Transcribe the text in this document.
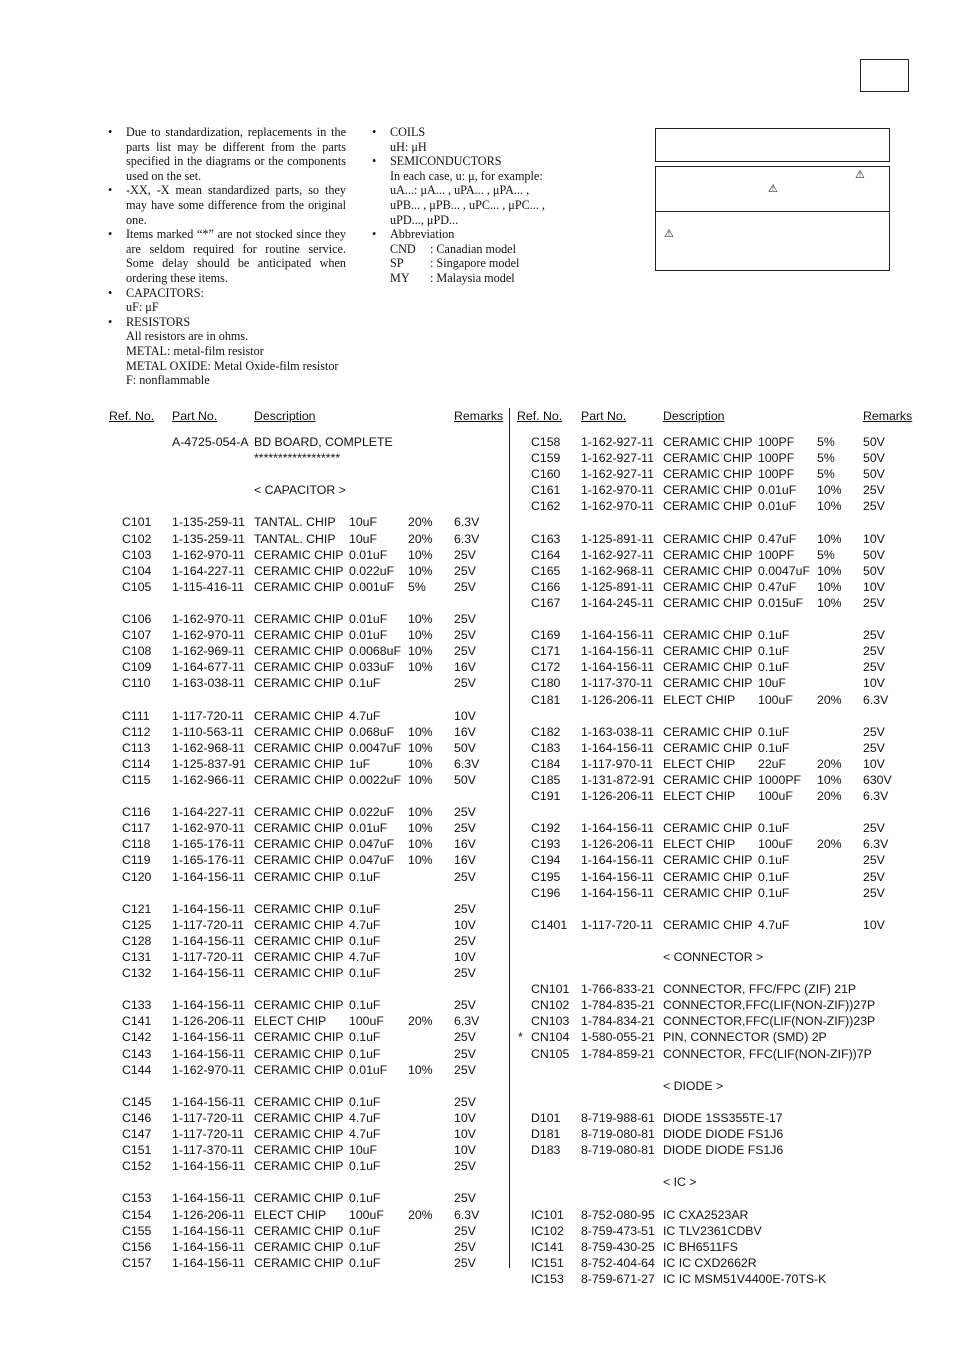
• Due to standardization, replacements in the parts list may be different from the parts specified in the diagrams or the components used on the set.
• -XX, -X mean standardized parts, so they may have some difference from the original one.
• Items marked “*” are not stocked since they are seldom required for routine service. Some delay should be anticipated when ordering these items.
• CAPACITORS:
uF: μF
• RESISTORS
All resistors are in ohms.
METAL: metal-film resistor
METAL OXIDE: Metal Oxide-film resistor
F: nonflammable
• COILS
uH: μH
• SEMICONDUCTORS
In each case, u: μ, for example:
uA...: μA... , uPA... , μPA... ,
uPB... , μPB... , uPC... , μPC... ,
uPD..., μPD...
• Abbreviation
CND	: Canadian model
SP	: Singapore model
MY	: Malaysia model
⚠
⚠
⚠
Ref. No. Part No.	Description	Remarks
A-4725-054-A BD BOARD, COMPLETE
******************
< CAPACITOR >
C101 1-135-259-11 TANTAL. CHIP 10uF	20% 6.3V
C102 1-135-259-11 TANTAL. CHIP 10uF	20% 6.3V
C103 1-162-970-11 CERAMIC CHIP 0.01uF 10% 25V
C104 1-164-227-11 CERAMIC CHIP 0.022uF 10% 25V
C105 1-115-416-11 CERAMIC CHIP 0.001uF 5% 25V
C106 1-162-970-11 CERAMIC CHIP 0.01uF 10% 25V
C107 1-162-970-11 CERAMIC CHIP 0.01uF 10% 25V
C108 1-162-969-11 CERAMIC CHIP 0.0068uF 10% 25V
C109 1-164-677-11 CERAMIC CHIP 0.033uF 10% 16V
C110 1-163-038-11 CERAMIC CHIP 0.1uF	25V
C111 1-117-720-11 CERAMIC CHIP 4.7uF	10V
C112 1-110-563-11 CERAMIC CHIP 0.068uF 10% 16V
C113 1-162-968-11 CERAMIC CHIP 0.0047uF 10% 50V
C114 1-125-837-91 CERAMIC CHIP 1uF	10% 6.3V
C115 1-162-966-11 CERAMIC CHIP 0.0022uF 10% 50V
C116 1-164-227-11 CERAMIC CHIP 0.022uF 10% 25V
C117 1-162-970-11 CERAMIC CHIP 0.01uF 10% 25V
C118 1-165-176-11 CERAMIC CHIP 0.047uF 10% 16V
C119 1-165-176-11 CERAMIC CHIP 0.047uF 10% 16V
C120 1-164-156-11 CERAMIC CHIP 0.1uF	25V
C121 1-164-156-11 CERAMIC CHIP 0.1uF	25V
C125 1-117-720-11 CERAMIC CHIP 4.7uF	10V
C128 1-164-156-11 CERAMIC CHIP 0.1uF	25V
C131 1-117-720-11 CERAMIC CHIP 4.7uF	10V
C132 1-164-156-11 CERAMIC CHIP 0.1uF	25V
C133 1-164-156-11 CERAMIC CHIP 0.1uF	25V
C141 1-126-206-11 ELECT CHIP 100uF 20% 6.3V
C142 1-164-156-11 CERAMIC CHIP 0.1uF	25V
C143 1-164-156-11 CERAMIC CHIP 0.1uF	25V
C144 1-162-970-11 CERAMIC CHIP 0.01uF 10% 25V
C145 1-164-156-11 CERAMIC CHIP 0.1uF	25V
C146 1-117-720-11 CERAMIC CHIP 4.7uF	10V
C147 1-117-720-11 CERAMIC CHIP 4.7uF	10V
C151 1-117-370-11 CERAMIC CHIP 10uF	10V
C152 1-164-156-11 CERAMIC CHIP 0.1uF	25V
C153 1-164-156-11 CERAMIC CHIP 0.1uF	25V
C154 1-126-206-11 ELECT CHIP 100uF 20% 6.3V
C155 1-164-156-11 CERAMIC CHIP 0.1uF	25V
C156 1-164-156-11 CERAMIC CHIP 0.1uF	25V
C157 1-164-156-11 CERAMIC CHIP 0.1uF	25V
Ref. No. Part No.	Description	Remarks
C158 1-162-927-11 CERAMIC CHIP 100PF 5% 50V
C159 1-162-927-11 CERAMIC CHIP 100PF 5% 50V
C160 1-162-927-11 CERAMIC CHIP 100PF 5% 50V
C161 1-162-970-11 CERAMIC CHIP 0.01uF 10% 25V
C162 1-162-970-11 CERAMIC CHIP 0.01uF 10% 25V
C163 1-125-891-11 CERAMIC CHIP 0.47uF 10% 10V
C164 1-162-927-11 CERAMIC CHIP 100PF 5% 50V
C165 1-162-968-11 CERAMIC CHIP 0.0047uF 10% 50V
C166 1-125-891-11 CERAMIC CHIP 0.47uF 10% 10V
C167 1-164-245-11 CERAMIC CHIP 0.015uF 10% 25V
C169 1-164-156-11 CERAMIC CHIP 0.1uF	25V
C171 1-164-156-11 CERAMIC CHIP 0.1uF	25V
C172 1-164-156-11 CERAMIC CHIP 0.1uF	25V
C180 1-117-370-11 CERAMIC CHIP 10uF	10V
C181 1-126-206-11 ELECT CHIP 100uF 20% 6.3V
C182 1-163-038-11 CERAMIC CHIP 0.1uF	25V
C183 1-164-156-11 CERAMIC CHIP 0.1uF	25V
C184 1-117-970-11 ELECT CHIP 22uF	20% 10V
C185 1-131-872-91 CERAMIC CHIP 1000PF 10% 630V
C191 1-126-206-11 ELECT CHIP 100uF 20% 6.3V
C192 1-164-156-11 CERAMIC CHIP 0.1uF	25V
C193 1-126-206-11 ELECT CHIP 100uF 20% 6.3V
C194 1-164-156-11 CERAMIC CHIP 0.1uF	25V
C195 1-164-156-11 CERAMIC CHIP 0.1uF	25V
C196 1-164-156-11 CERAMIC CHIP 0.1uF	25V
C1401 1-117-720-11 CERAMIC CHIP 4.7uF	10V
< CONNECTOR >
CN101 1-766-833-21 CONNECTOR, FFC/FPC (ZIF) 21P
CN102 1-784-835-21 CONNECTOR,FFC(LIF(NON-ZIF))27P
CN103 1-784-834-21 CONNECTOR,FFC(LIF(NON-ZIF))23P
* CN104 1-580-055-21 PIN, CONNECTOR (SMD) 2P
CN105 1-784-859-21 CONNECTOR, FFC(LIF(NON-ZIF))7P
< DIODE >
D101 8-719-988-61 DIODE 1SS355TE-17
D181 8-719-080-81 DIODE DIODE FS1J6
D183 8-719-080-81 DIODE DIODE FS1J6
< IC >
IC101 8-752-080-95 IC CXA2523AR
IC102 8-759-473-51 IC TLV2361CDBV
IC141 8-759-430-25 IC BH6511FS
IC151 8-752-404-64 IC IC CXD2662R
IC153 8-759-671-27 IC IC MSM51V4400E-70TS-K
